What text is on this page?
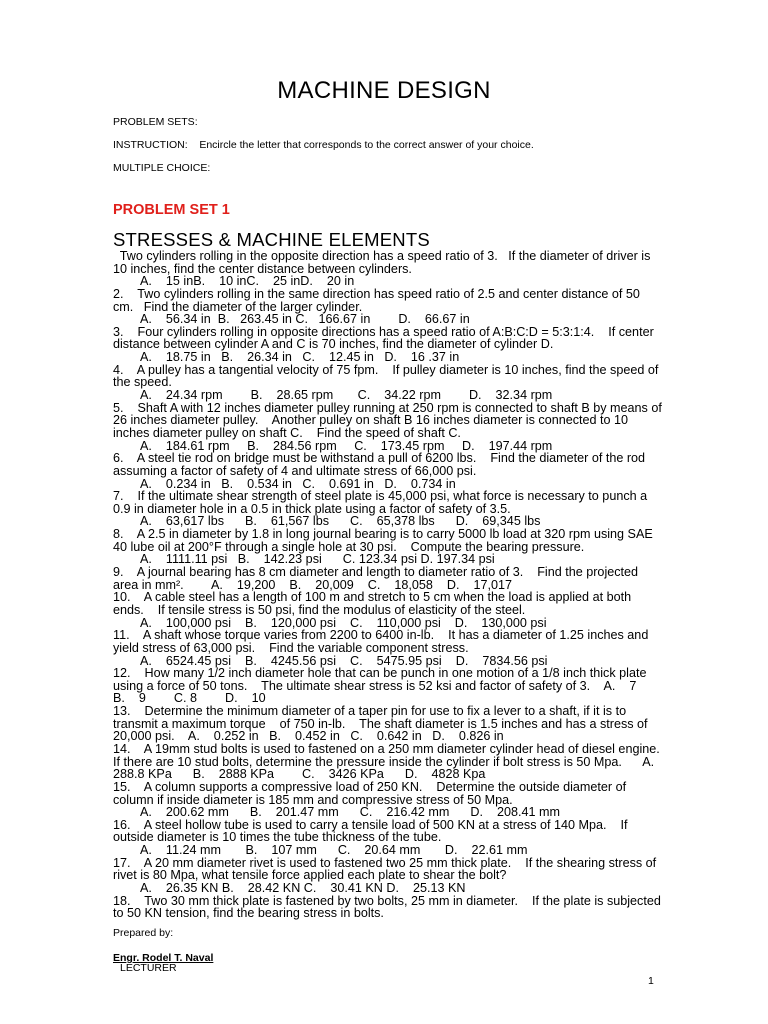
MACHINE DESIGN
PROBLEM SETS:
INSTRUCTION:    Encircle the letter that corresponds to the correct answer of your choice.
MULTIPLE CHOICE:
PROBLEM SET 1
STRESSES & MACHINE ELEMENTS
Two cylinders rolling in the opposite direction has a speed ratio of 3.   If the diameter of driver is
10 inches, find the center distance between cylinders.
A.    15 inB.    10 inC.    25 inD.    20 in
2.    Two cylinders rolling in the same direction has speed ratio of 2.5 and center distance of 50
cm.   Find the diameter of the larger cylinder.
A.    56.34 in  B.   263.45 in C.   166.67 in        D.    66.67 in
3.    Four cylinders rolling in opposite directions has a speed ratio of A:B:C:D = 5:3:1:4.    If center
distance between cylinder A and C is 70 inches, find the diameter of cylinder D.
A.    18.75 in   B.    26.34 in   C.    12.45 in   D.    16 .37 in
4.    A pulley has a tangential velocity of 75 fpm.    If pulley diameter is 10 inches, find the speed of
the speed.
A.    24.34 rpm        B.    28.65 rpm       C.    34.22 rpm        D.    32.34 rpm
5.    Shaft A with 12 inches diameter pulley running at 250 rpm is connected to shaft B by means of
26 inches diameter pulley.    Another pulley on shaft B 16 inches diameter is connected to 10
inches diameter pulley on shaft C.    Find the speed of shaft C.
A.    184.61 rpm     B.    284.56 rpm     C.    173.45 rpm     D.    197.44 rpm
6.    A steel tie rod on bridge must be withstand a pull of 6200 lbs.    Find the diameter of the rod
assuming a factor of safety of 4 and ultimate stress of 66,000 psi.
A.    0.234 in   B.    0.534 in   C.    0.691 in   D.    0.734 in
7.    If the ultimate shear strength of steel plate is 45,000 psi, what force is necessary to punch a
0.9 in diameter hole in a 0.5 in thick plate using a factor of safety of 3.5.
A.    63,617 lbs      B.    61,567 lbs      C.    65,378 lbs      D.    69,345 lbs
8.    A 2.5 in diameter by 1.8 in long journal bearing is to carry 5000 lb load at 320 rpm using SAE
40 lube oil at 200°F through a single hole at 30 psi.    Compute the bearing pressure.
A.    1111.11 psi   B.    142.23 psi      C. 123.34 psi D. 197.34 psi
9.    A journal bearing has 8 cm diameter and length to diameter ratio of 3.    Find the projected
area in mm².        A.    19,200    B.    20,009    C.    18,058    D.    17,017
10.    A cable steel has a length of 100 m and stretch to 5 cm when the load is applied at both
ends.    If tensile stress is 50 psi, find the modulus of elasticity of the steel.
A.    100,000 psi    B.    120,000 psi    C.    110,000 psi    D.    130,000 psi
11.    A shaft whose torque varies from 2200 to 6400 in-lb.    It has a diameter of 1.25 inches and
yield stress of 63,000 psi.    Find the variable component stress.
A.    6524.45 psi    B.    4245.56 psi    C.    5475.95 psi    D.    7834.56 psi
12.    How many 1/2 inch diameter hole that can be punch in one motion of a 1/8 inch thick plate
using a force of 50 tons.    The ultimate shear stress is 52 ksi and factor of safety of 3.    A.    7
B.    9        C. 8        D.    10
13.    Determine the minimum diameter of a taper pin for use to fix a lever to a shaft, if it is to
transmit a maximum torque    of 750 in-lb.    The shaft diameter is 1.5 inches and has a stress of
20,000 psi.    A.    0.252 in   B.    0.452 in   C.    0.642 in   D.    0.826 in
14.    A 19mm stud bolts is used to fastened on a 250 mm diameter cylinder head of diesel engine.
If there are 10 stud bolts, determine the pressure inside the cylinder if bolt stress is 50 Mpa.      A.
288.8 KPa      B.    2888 KPa        C.    3426 KPa      D.    4828 Kpa
15.    A column supports a compressive load of 250 KN.    Determine the outside diameter of
column if inside diameter is 185 mm and compressive stress of 50 Mpa.
A.    200.62 mm      B.    201.47 mm      C.    216.42 mm      D.    208.41 mm
16.    A steel hollow tube is used to carry a tensile load of 500 KN at a stress of 140 Mpa.    If
outside diameter is 10 times the tube thickness of the tube.
A.    11.24 mm       B.    107 mm      C.    20.64 mm       D.    22.61 mm
17.    A 20 mm diameter rivet is used to fastened two 25 mm thick plate.    If the shearing stress of
rivet is 80 Mpa, what tensile force applied each plate to shear the bolt?
A.    26.35 KN B.    28.42 KN C.    30.41 KN D.    25.13 KN
18.    Two 30 mm thick plate is fastened by two bolts, 25 mm in diameter.    If the plate is subjected
to 50 KN tension, find the bearing stress in bolts.
Prepared by:
Engr. Rodel T. Naval
LECTURER
1
